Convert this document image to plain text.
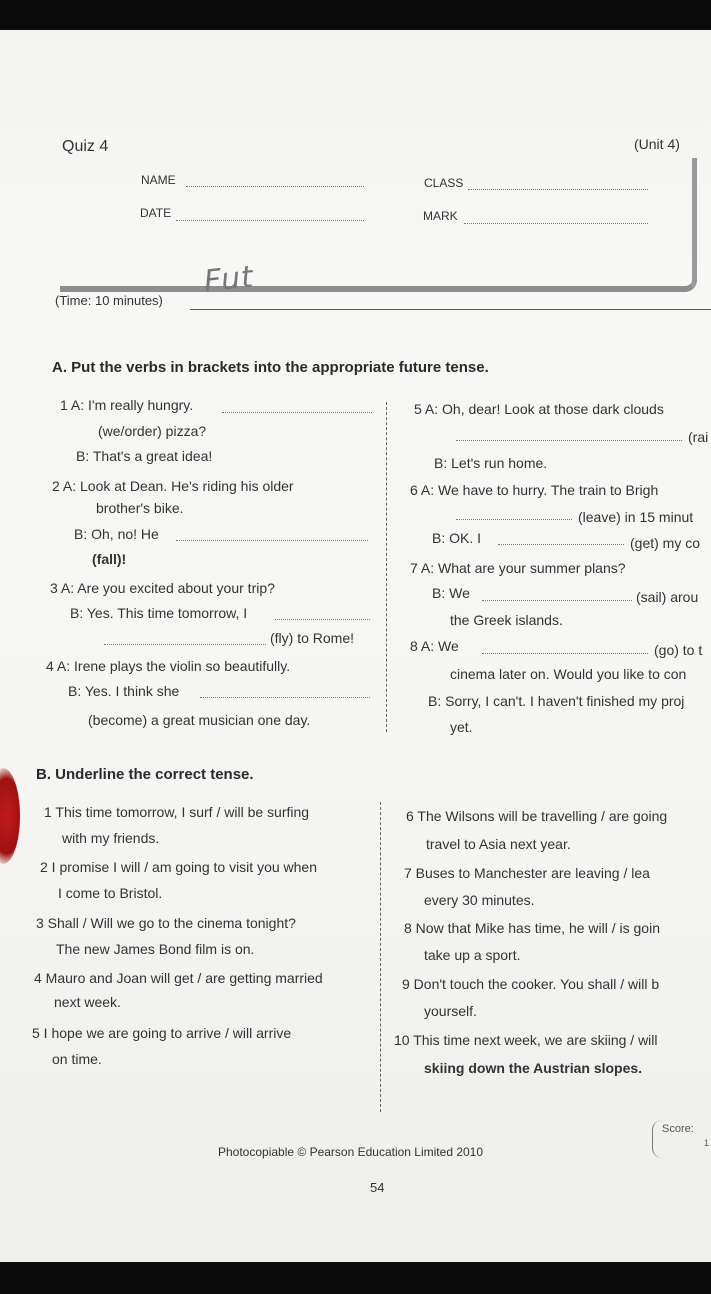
Quiz 4	(Unit 4)
NAME	CLASS
DATE	MARK
(Time: 10 minutes)
Fut
A. Put the verbs in brackets into the appropriate future tense.
1 A: I'm really hungry.
(we/order) pizza?
B: That's a great idea!
2 A: Look at Dean. He's riding his older
brother's bike.
B: Oh, no! He
(fall)!
3 A: Are you excited about your trip?
B: Yes. This time tomorrow, I
(fly) to Rome!
4 A: Irene plays the violin so beautifully.
B: Yes. I think she
(become) a great musician one day.
5 A: Oh, dear! Look at those dark clouds
(rai
B: Let's run home.
6 A: We have to hurry. The train to Brigh
(leave) in 15 minut
B: OK. I	(get) my co
7 A: What are your summer plans?
B: We	(sail) arou
the Greek islands.
8 A: We	(go) to t
cinema later on. Would you like to con
B: Sorry, I can't. I haven't finished my proj
yet.
B. Underline the correct tense.
1 This time tomorrow, I surf / will be surfing
with my friends.
2 I promise I will / am going to visit you when
I come to Bristol.
3 Shall / Will we go to the cinema tonight?
The new James Bond film is on.
4 Mauro and Joan will get / are getting married
next week.
5 I hope we are going to arrive / will arrive
on time.
6 The Wilsons will be travelling / are going
travel to Asia next year.
7 Buses to Manchester are leaving / lea
every 30 minutes.
8 Now that Mike has time, he will / is goin
take up a sport.
9 Don't touch the cooker. You shall / will b
yourself.
10 This time next week, we are skiing / will
skiing down the Austrian slopes.
Score:
1
Photocopiable © Pearson Education Limited 2010
54
